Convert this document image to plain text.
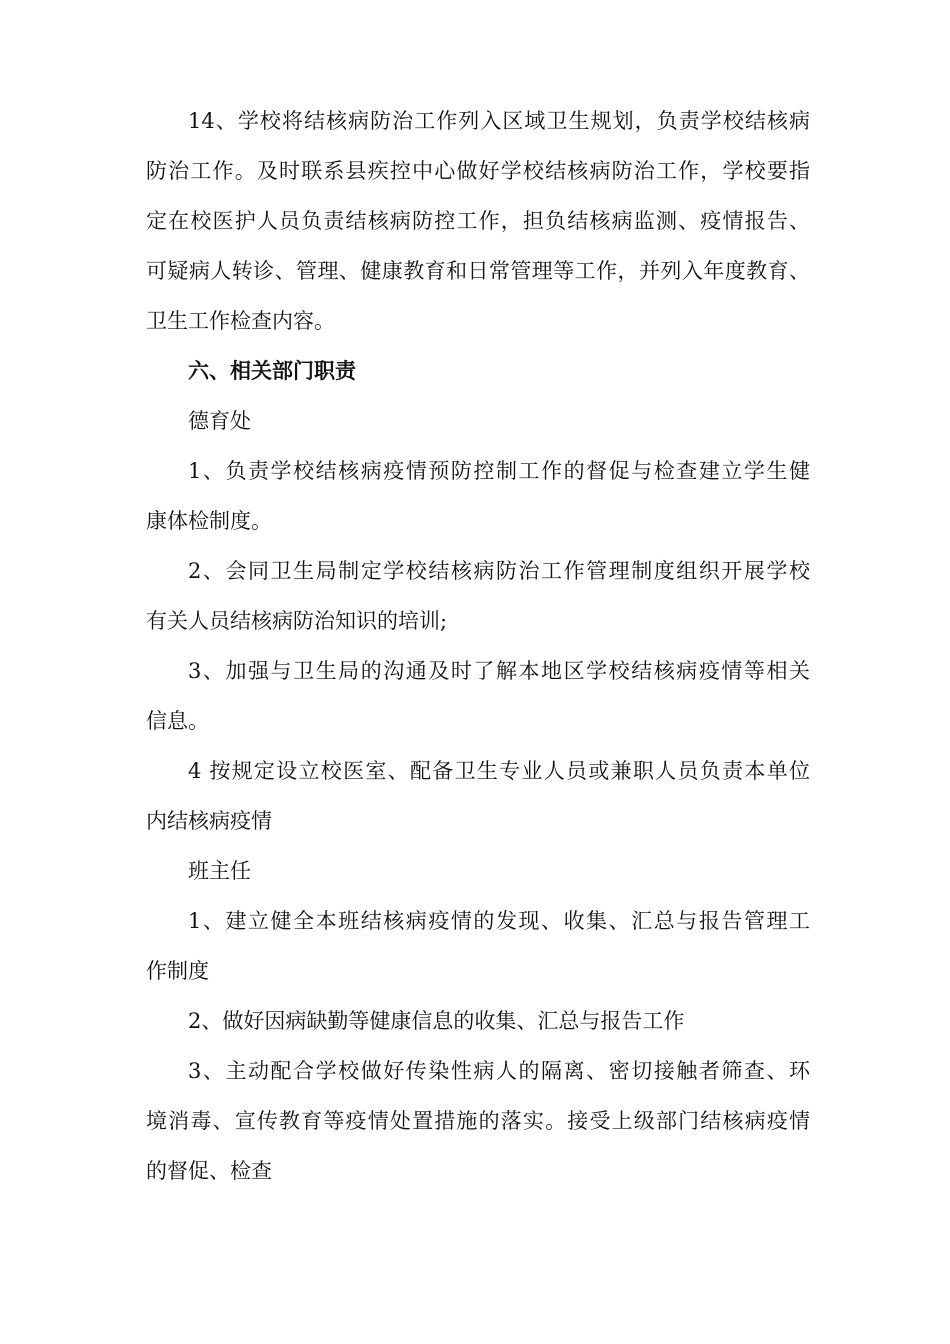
14、学校将结核病防治工作列入区域卫生规划，负责学校结核病
防治工作。及时联系县疾控中心做好学校结核病防治工作，学校要指
定在校医护人员负责结核病防控工作，担负结核病监测、疫情报告、
可疑病人转诊、管理、健康教育和日常管理等工作，并列入年度教育、
卫生工作检查内容。
六、相关部门职责
德育处
1、负责学校结核病疫情预防控制工作的督促与检查建立学生健
康体检制度。
2、会同卫生局制定学校结核病防治工作管理制度组织开展学校
有关人员结核病防治知识的培训;
3、加强与卫生局的沟通及时了解本地区学校结核病疫情等相关
信息。
4 按规定设立校医室、配备卫生专业人员或兼职人员负责本单位
内结核病疫情
班主任
1、建立健全本班结核病疫情的发现、收集、汇总与报告管理工
作制度
2、做好因病缺勤等健康信息的收集、汇总与报告工作
3、主动配合学校做好传染性病人的隔离、密切接触者筛查、环
境消毒、宣传教育等疫情处置措施的落实。接受上级部门结核病疫情
的督促、检查
